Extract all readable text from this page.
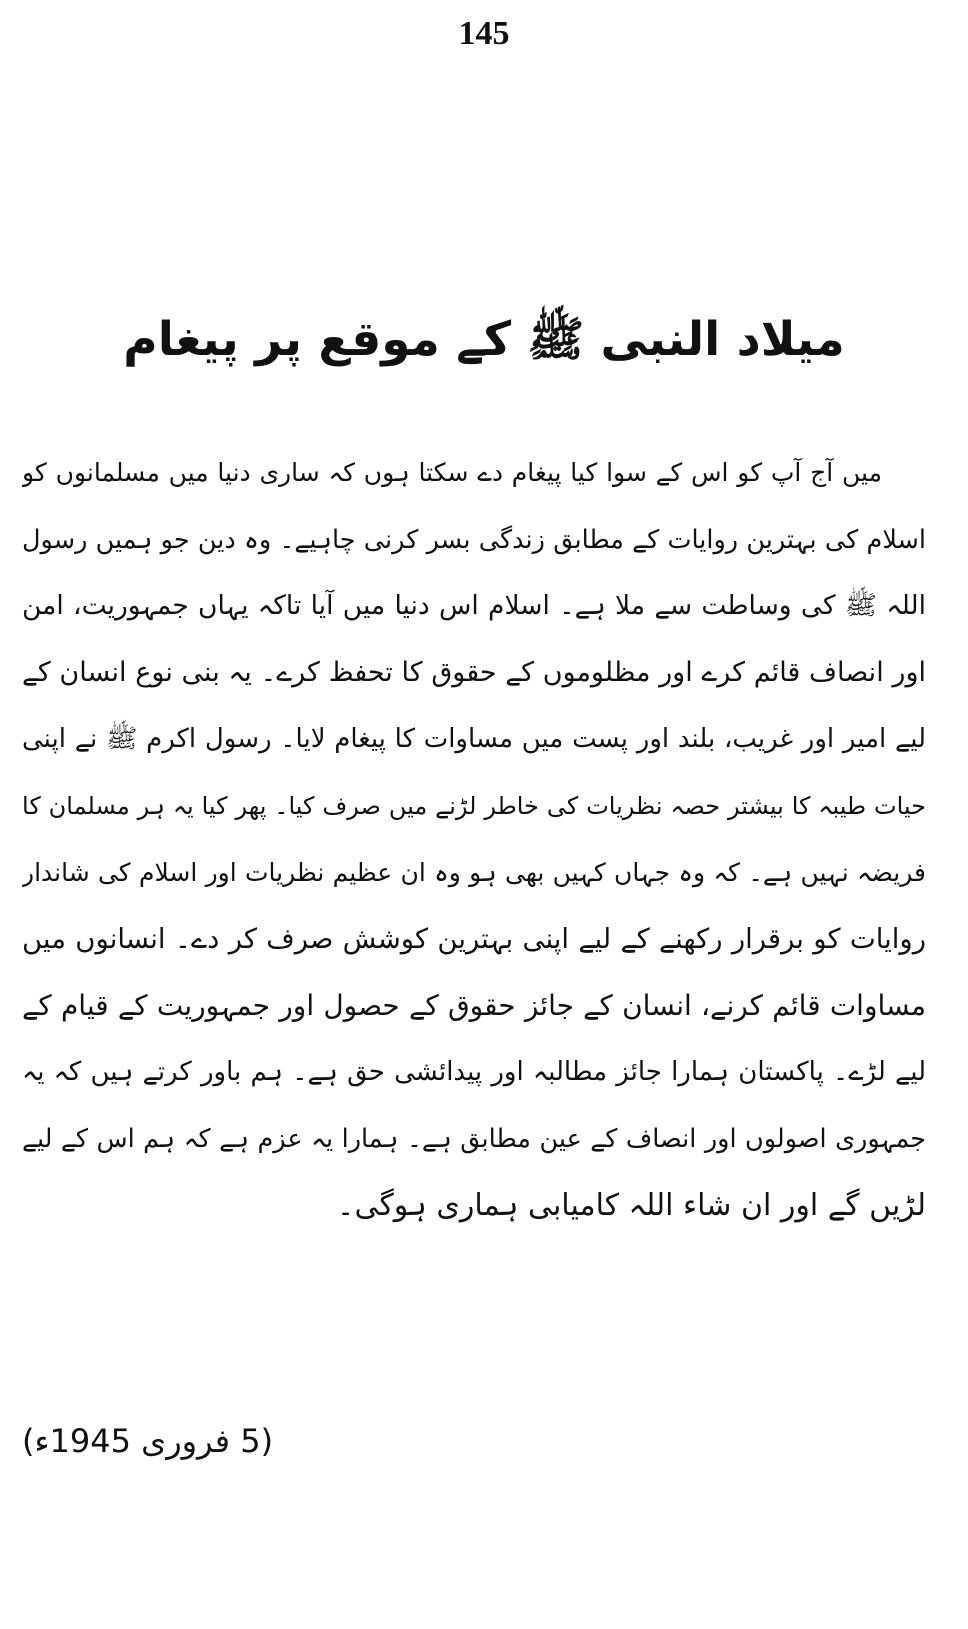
145
میلاد النبی ﷺ کے موقع پر پیغام
میں آج آپ کو اس کے سوا کیا پیغام دے سکتا ہوں کہ ساری دنیا میں مسلمانوں کو
اسلام کی بہترین روایات کے مطابق زندگی بسر کرنی چاہیے۔ وہ دین جو ہمیں رسول
اللہ ﷺ کی وساطت سے ملا ہے۔ اسلام اس دنیا میں آیا تاکہ یہاں جمہوریت، امن
اور انصاف قائم کرے اور مظلوموں کے حقوق کا تحفظ کرے۔ یہ بنی نوع انسان کے
لیے امیر اور غریب، بلند اور پست میں مساوات کا پیغام لایا۔ رسول اکرم ﷺ نے اپنی
حیات طیبہ کا بیشتر حصہ نظریات کی خاطر لڑنے میں صرف کیا۔ پھر کیا یہ ہر مسلمان کا
فریضہ نہیں ہے۔ کہ وہ جہاں کہیں بھی ہو وہ ان عظیم نظریات اور اسلام کی شاندار
روایات کو برقرار رکھنے کے لیے اپنی بہترین کوشش صرف کر دے۔ انسانوں میں
مساوات قائم کرنے، انسان کے جائز حقوق کے حصول اور جمہوریت کے قیام کے
لیے لڑے۔ پاکستان ہمارا جائز مطالبہ اور پیدائشی حق ہے۔ ہم باور کرتے ہیں کہ یہ
جمہوری اصولوں اور انصاف کے عین مطابق ہے۔ ہمارا یہ عزم ہے کہ ہم اس کے لیے
لڑیں گے اور ان شاء اللہ کامیابی ہماری ہوگی۔
(5 فروری 1945ء)
